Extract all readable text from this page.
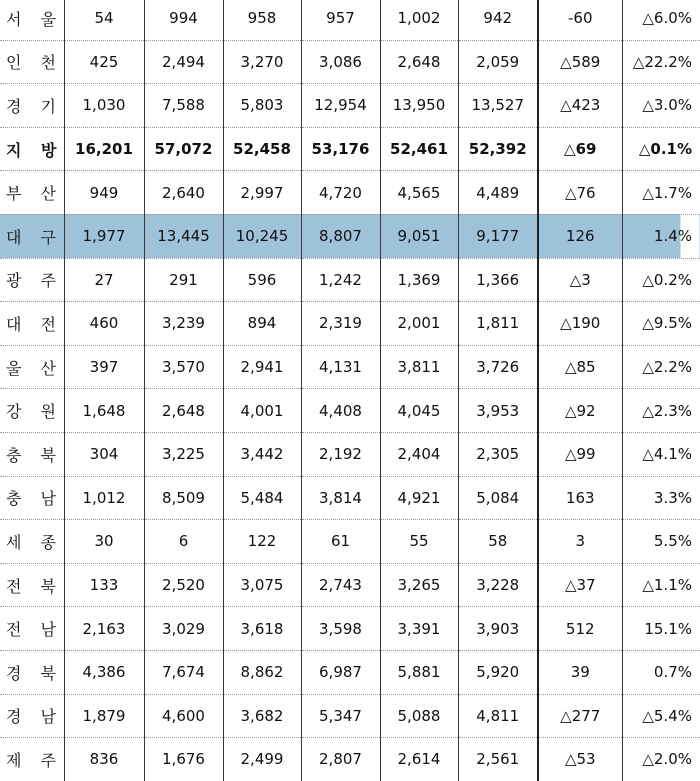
서 울	54	994	958	957	1,002	942	-60	△6.0%
인 천	425	2,494	3,270	3,086	2,648	2,059	△589	△22.2%
경 기	1,030	7,588	5,803	12,954	13,950	13,527	△423	△3.0%
지 방	16,201	57,072	52,458	53,176	52,461	52,392	△69	△0.1%
부 산	949	2,640	2,997	4,720	4,565	4,489	△76	△1.7%
대 구	1,977	13,445	10,245	8,807	9,051	9,177	126	1.4%
광 주	27	291	596	1,242	1,369	1,366	△3	△0.2%
대 전	460	3,239	894	2,319	2,001	1,811	△190	△9.5%
울 산	397	3,570	2,941	4,131	3,811	3,726	△85	△2.2%
강 원	1,648	2,648	4,001	4,408	4,045	3,953	△92	△2.3%
충 북	304	3,225	3,442	2,192	2,404	2,305	△99	△4.1%
충 남	1,012	8,509	5,484	3,814	4,921	5,084	163	3.3%
세 종	30	6	122	61	55	58	3	5.5%
전 북	133	2,520	3,075	2,743	3,265	3,228	△37	△1.1%
전 남	2,163	3,029	3,618	3,598	3,391	3,903	512	15.1%
경 북	4,386	7,674	8,862	6,987	5,881	5,920	39	0.7%
경 남	1,879	4,600	3,682	5,347	5,088	4,811	△277	△5.4%
제 주	836	1,676	2,499	2,807	2,614	2,561	△53	△2.0%
